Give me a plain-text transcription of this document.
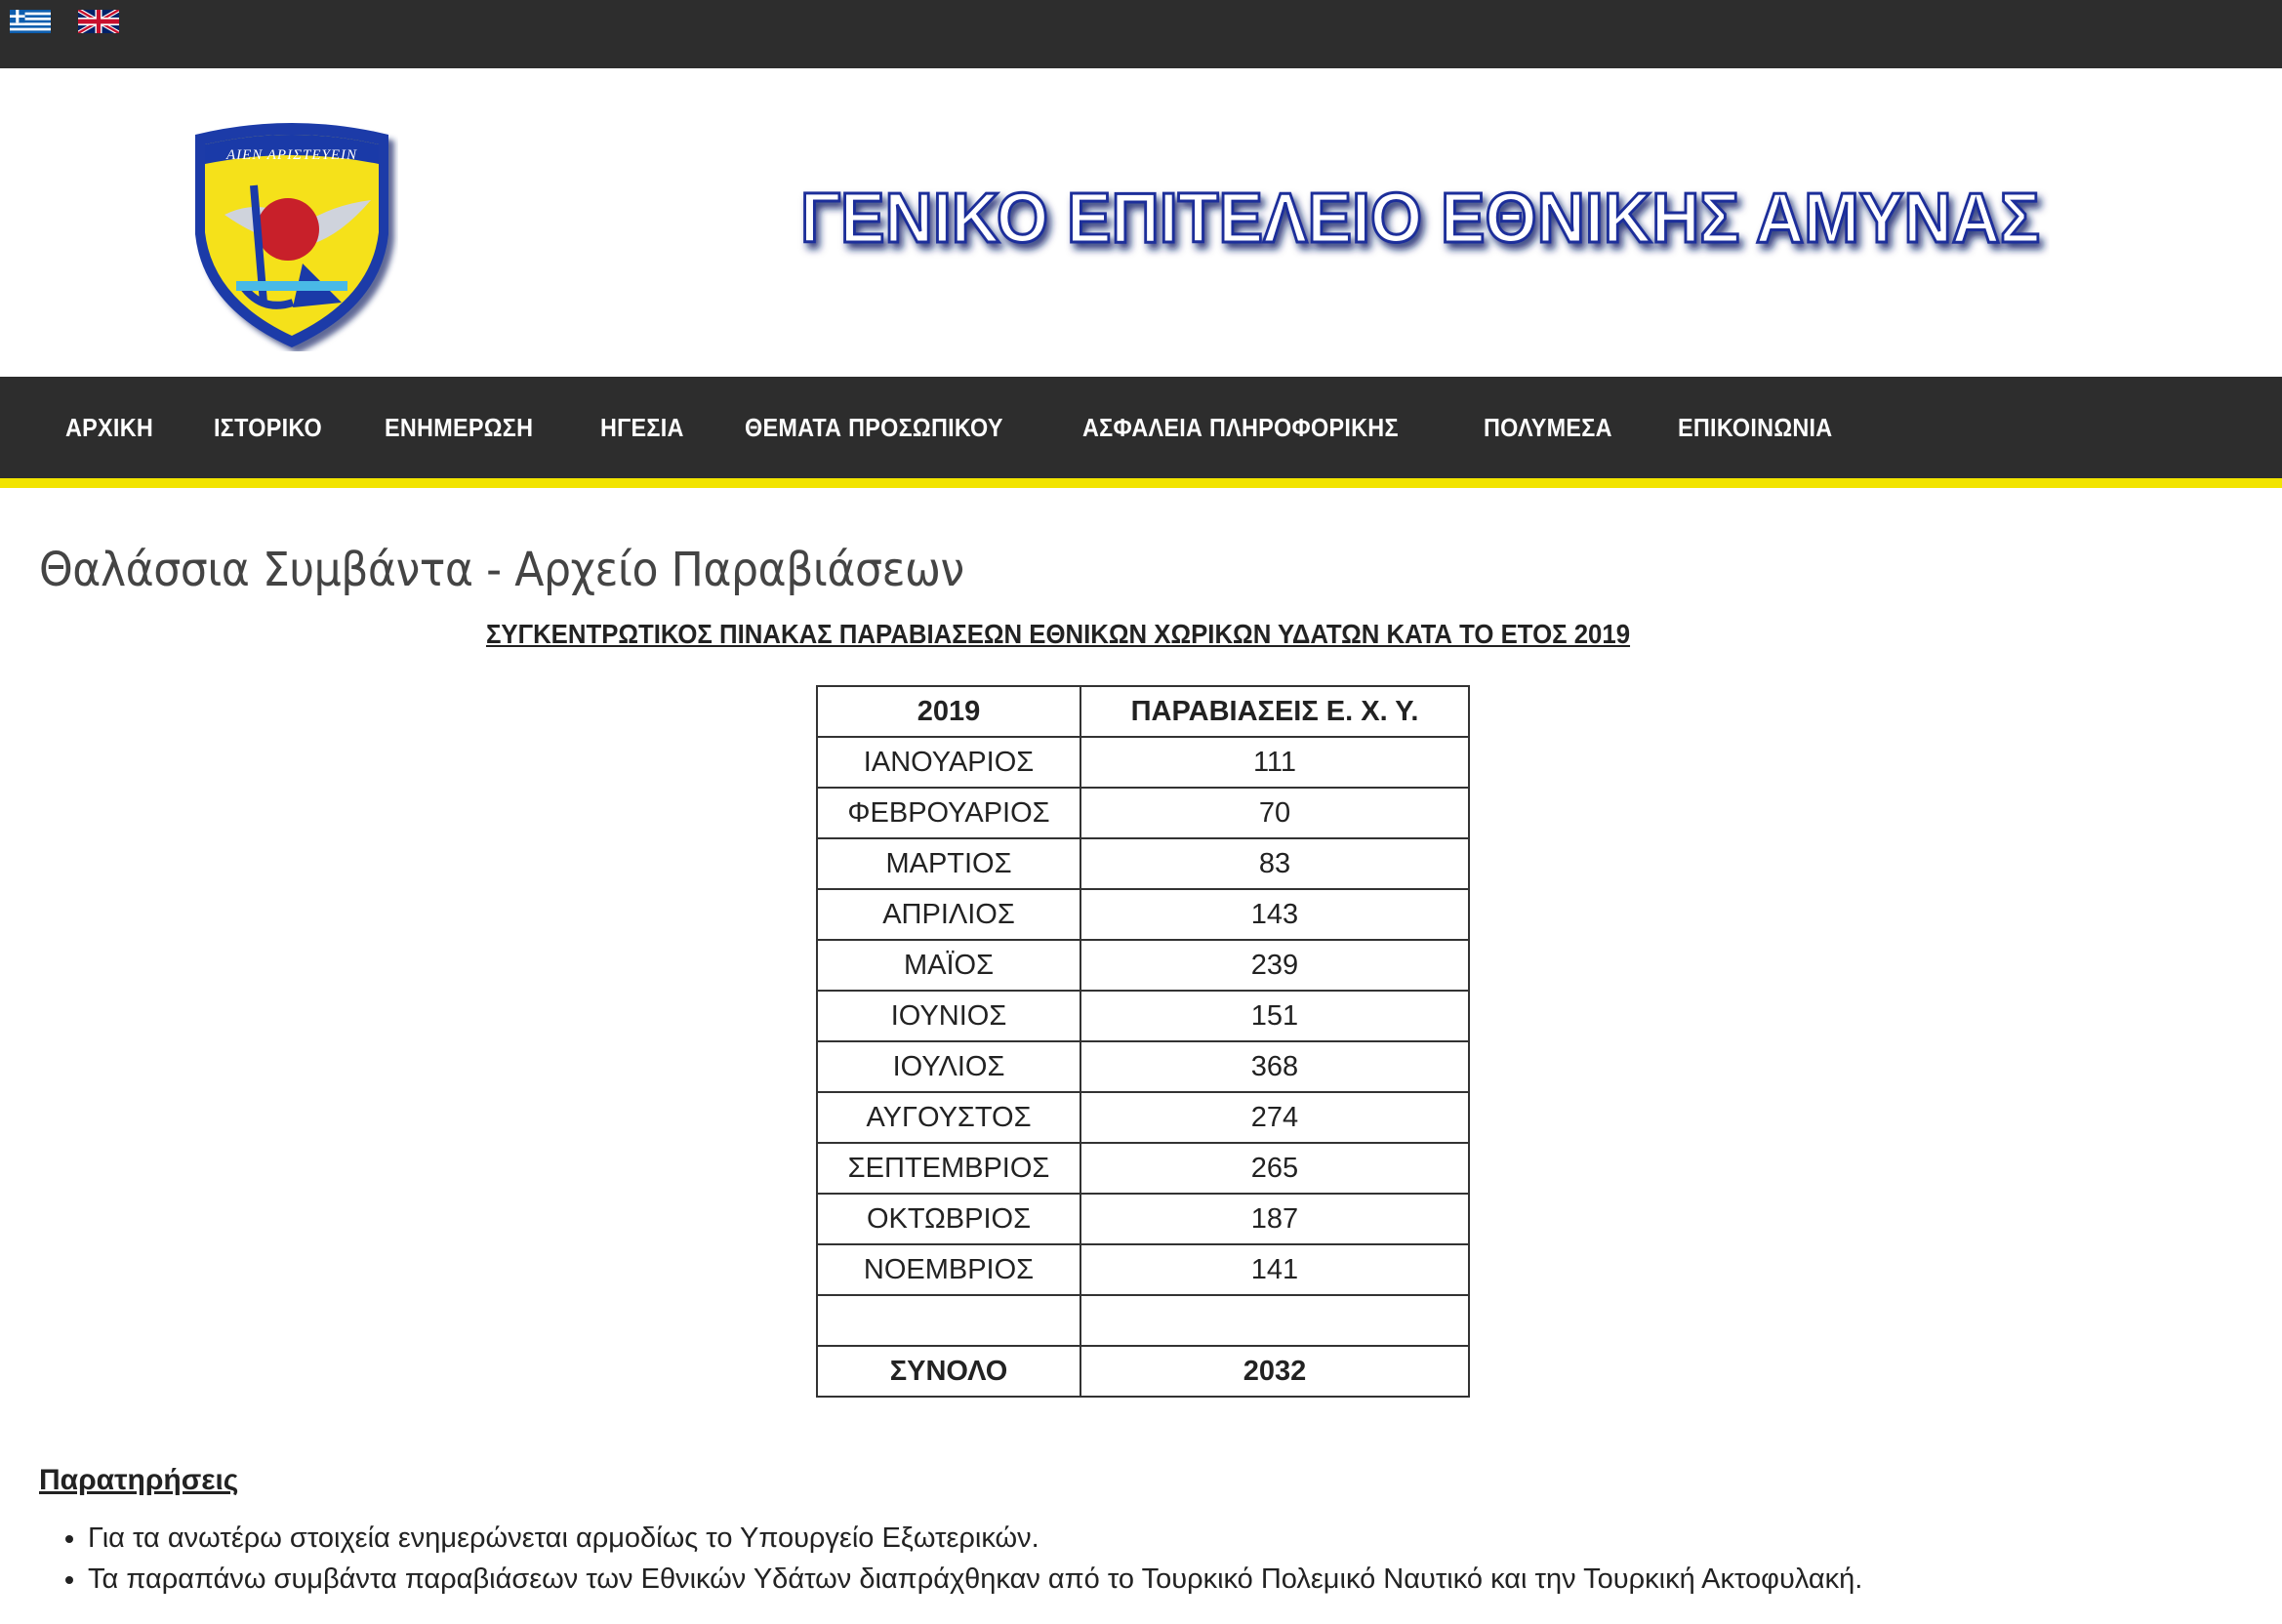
ΑΙΕΝ ΑΡΙΣΤΕΥΕΙΝ
ΓΕΝΙΚΟ ΕΠΙΤΕΛΕΙΟ ΕΘΝΙΚΗΣ ΑΜΥΝΑΣ
ΑΡΧΙΚΗ	ΙΣΤΟΡΙΚΟ	ΕΝΗΜΕΡΩΣΗ	ΗΓΕΣΙΑ	ΘΕΜΑΤΑ ΠΡΟΣΩΠΙΚΟΥ	ΑΣΦΑΛΕΙΑ ΠΛΗΡΟΦΟΡΙΚΗΣ	ΠΟΛΥΜΕΣΑ	ΕΠΙΚΟΙΝΩΝΙΑ
Θαλάσσια Συμβάντα - Αρχείο Παραβιάσεων
ΣΥΓΚΕΝΤΡΩΤΙΚΟΣ ΠΙΝΑΚΑΣ ΠΑΡΑΒΙΑΣΕΩΝ ΕΘΝΙΚΩΝ ΧΩΡΙΚΩΝ ΥΔΑΤΩΝ ΚΑΤΑ ΤΟ ΕΤΟΣ 2019
2019	ΠΑΡΑΒΙΑΣΕΙΣ Ε. Χ. Υ.
ΙΑΝΟΥΑΡΙΟΣ	111
ΦΕΒΡΟΥΑΡΙΟΣ	70
ΜΑΡΤΙΟΣ	83
ΑΠΡΙΛΙΟΣ	143
ΜΑΪΟΣ	239
ΙΟΥΝΙΟΣ	151
ΙΟΥΛΙΟΣ	368
ΑΥΓΟΥΣΤΟΣ	274
ΣΕΠΤΕΜΒΡΙΟΣ	265
ΟΚΤΩΒΡΙΟΣ	187
ΝΟΕΜΒΡΙΟΣ	141

ΣΥΝΟΛΟ	2032

Παρατηρήσεις

• Για τα ανωτέρω στοιχεία ενημερώνεται αρμοδίως το Υπουργείο Εξωτερικών.
• Τα παραπάνω συμβάντα παραβιάσεων των Εθνικών Υδάτων διαπράχθηκαν από το Τουρκικό Πολεμικό Ναυτικό και την Τουρκική Ακτοφυλακή.
